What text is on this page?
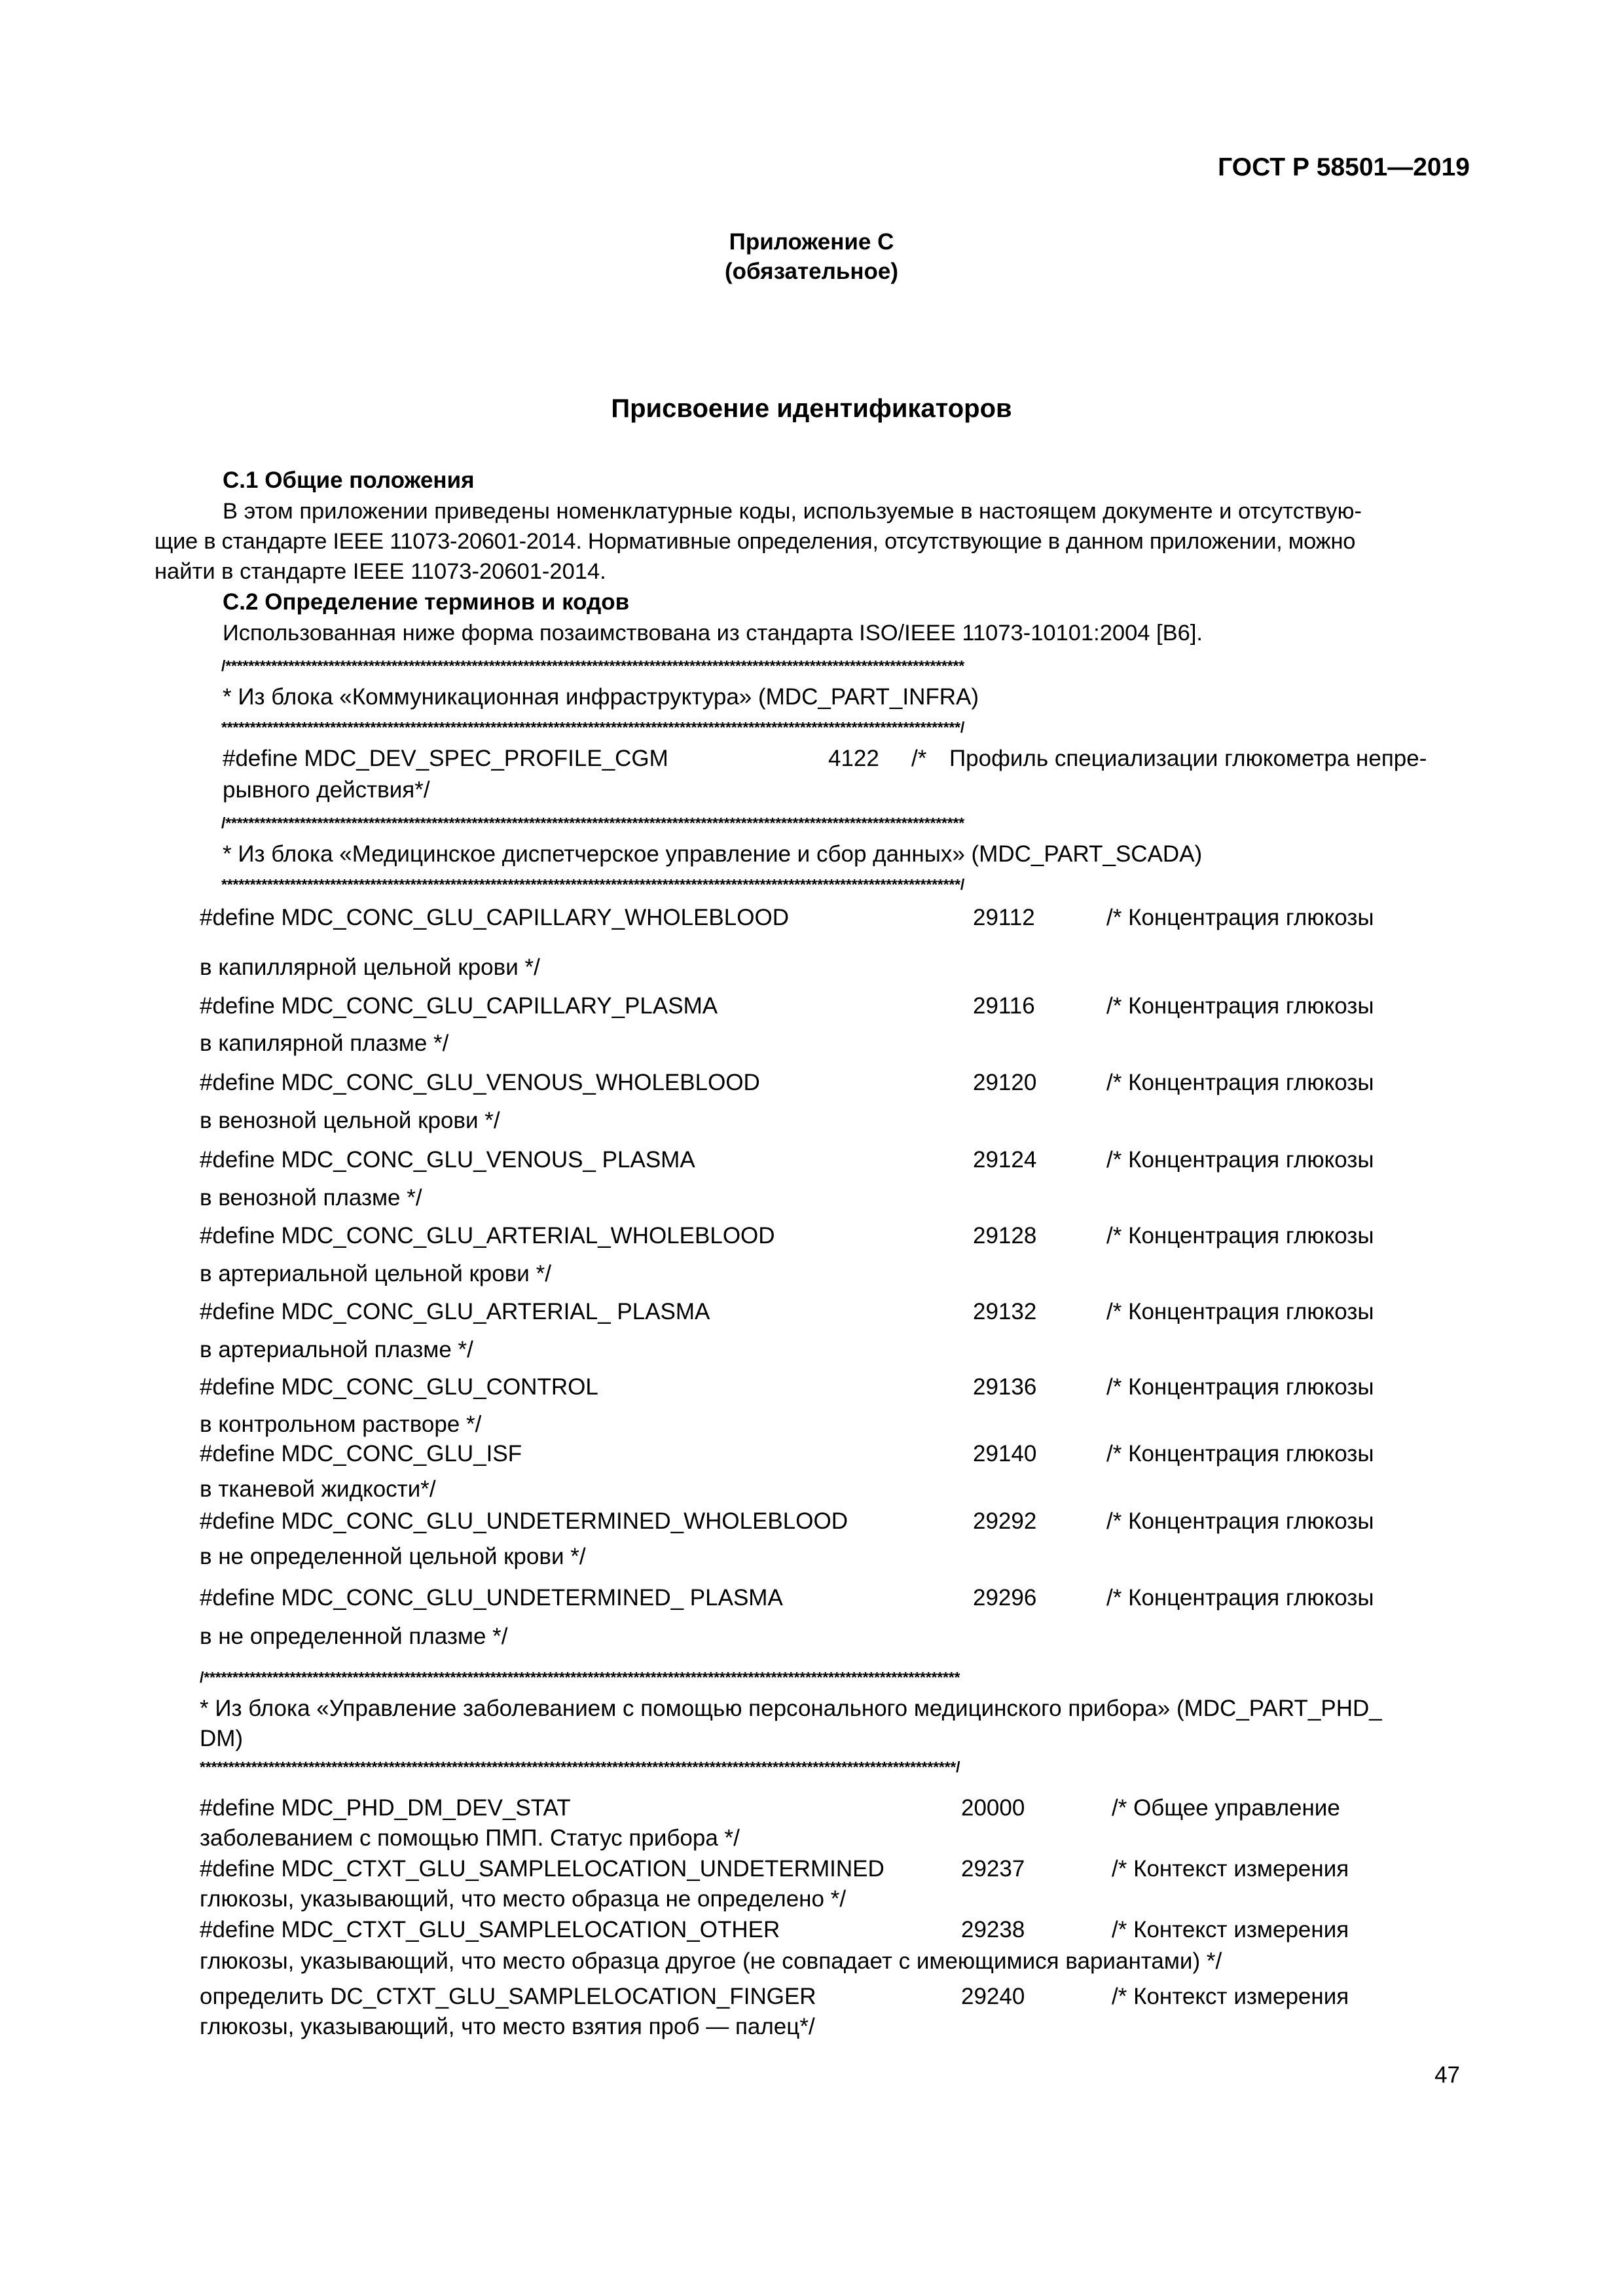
ГОСТ Р 58501—2019
Приложение С
(обязательное)
Присвоение идентификаторов
С.1 Общие положения
В этом приложении приведены номенклатурные коды, используемые в настоящем документе и отсутствую-
щие в стандарте IEEE 11073-20601-2014. Нормативные определения, отсутствующие в данном приложении, можно
найти в стандарте IEEE 11073-20601-2014.
С.2 Определение терминов и кодов
Использованная ниже форма позаимствована из стандарта ISO/IEEE 11073-10101:2004 [B6].
/*********************************************************************************************************************************
* Из блока «Коммуникационная инфраструктура» (MDC_PART_INFRA)
*********************************************************************************************************************************/
#define MDC_DEV_SPEC_PROFILE_CGM	4122 /* Профиль специализации глюкометра непре-
рывного действия*/
/*********************************************************************************************************************************
* Из блока «Медицинское диспетчерское управление и сбор данных» (MDC_PART_SCADA)
*********************************************************************************************************************************/
#define MDC_CONC_GLU_CAPILLARY_WHOLEBLOOD	29112	/* Концентрация глюкозы
в капиллярной цельной крови */
#define MDC_CONC_GLU_CAPILLARY_PLASMA	29116	/* Концентрация глюкозы
в капилярной плазме */
#define MDC_CONC_GLU_VENOUS_WHOLEBLOOD	29120	/* Концентрация глюкозы
в венозной цельной крови */
#define MDC_CONC_GLU_VENOUS_ PLASMA	29124	/* Концентрация глюкозы
в венозной плазме */
#define MDC_CONC_GLU_ARTERIAL_WHOLEBLOOD	29128	/* Концентрация глюкозы
в артериальной цельной крови */
#define MDC_CONC_GLU_ARTERIAL_ PLASMA	29132	/* Концентрация глюкозы
в артериальной плазме */
#define MDC_CONC_GLU_CONTROL	29136	/* Концентрация глюкозы
в контрольном растворе */
#define MDC_CONC_GLU_ISF	29140	/* Концентрация глюкозы
в тканевой жидкости*/
#define MDC_CONC_GLU_UNDETERMINED_WHOLEBLOOD	29292	/* Концентрация глюкозы
в не определенной цельной крови */
#define MDC_CONC_GLU_UNDETERMINED_ PLASMA	29296	/* Концентрация глюкозы
в не определенной плазме */
/************************************************************************************************************************************
* Из блока «Управление заболеванием с помощью персонального медицинского прибора» (MDC_PART_PHD_
DM)
************************************************************************************************************************************/
#define MDC_PHD_DM_DEV_STAT	20000	/* Общее управление
заболеванием с помощью ПМП. Статус прибора */
#define MDC_CTXT_GLU_SAMPLELOCATION_UNDETERMINED	29237	/* Контекст измерения
глюкозы, указывающий, что место образца не определено */
#define MDC_CTXT_GLU_SAMPLELOCATION_OTHER	29238	/* Контекст измерения
глюкозы, указывающий, что место образца другое (не совпадает с имеющимися вариантами) */
определить DC_CTXT_GLU_SAMPLELOCATION_FINGER	29240	/* Контекст измерения
глюкозы, указывающий, что место взятия проб — палец*/
47
